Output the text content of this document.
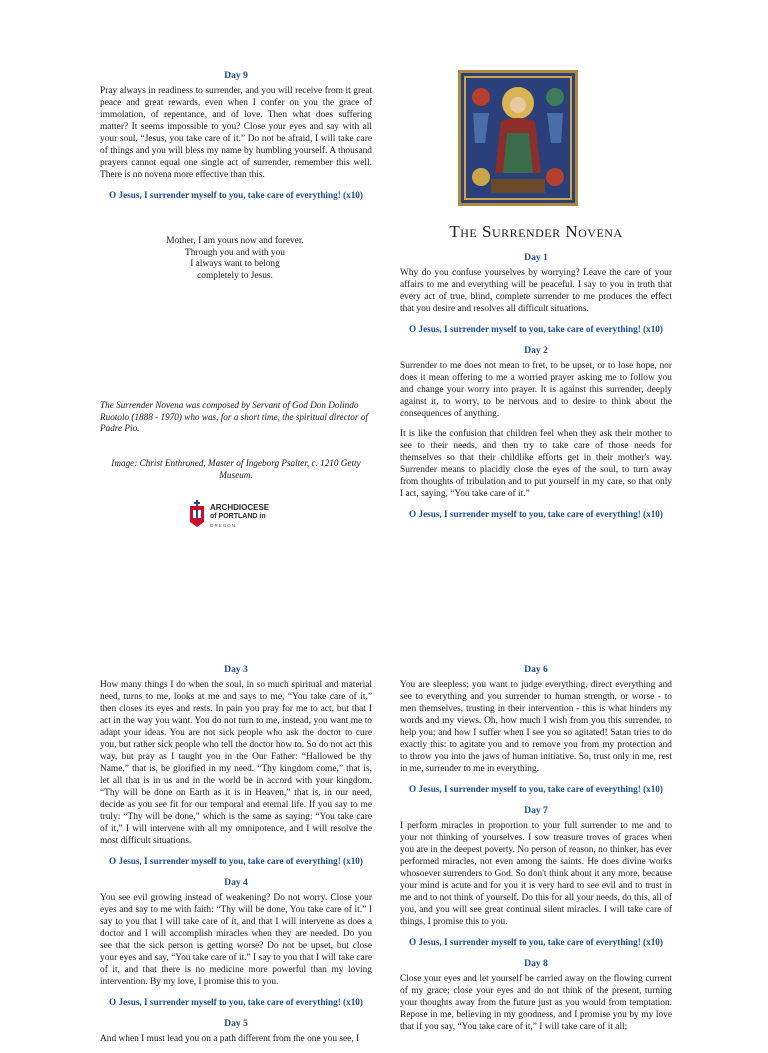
Day 9

Pray always in readiness to surrender, and you will receive from it great peace and great rewards, even when I confer on you the grace of immolation, of repentance, and of love. Then what does suffering matter? It seems impossible to you? Close your eyes and say with all your soul, “Jesus, you take care of it.” Do not be afraid, I will take care of things and you will bless my name by humbling yourself. A thousand prayers cannot equal one single act of surrender, remember this well. There is no novena more effective than this.

O Jesus, I surrender myself to you, take care of everything! (x10)
Mother, I am yours now and forever.
Through you and with you
I always want to belong
completely to Jesus.
The Surrender Novena was composed by Servant of God Don Dolindo Ruotolo (1888 - 1970) who was, for a short time, the spiritual director of Padre Pio.
Image: Christ Enthroned, Master of Ingeborg Psalter, c. 1210 Getty Museum.
ARCHDIOCESE
of PORTLAND in
OREGON
The Surrender Novena
Day 1

Why do you confuse yourselves by worrying? Leave the care of your affairs to me and everything will be peaceful. I say to you in truth that every act of true, blind, complete surrender to me produces the effect that you desire and resolves all difficult situations.

O Jesus, I surrender myself to you, take care of everything! (x10)
Day 2

Surrender to me does not mean to fret, to be upset, or to lose hope, nor does it mean offering to me a worried prayer asking me to follow you and change your worry into prayer. It is against this surrender, deeply against it, to worry, to be nervous and to desire to think about the consequences of anything.

It is like the confusion that children feel when they ask their mother to see to their needs, and then try to take care of those needs for themselves so that their childlike efforts get in their mother's way. Surrender means to placidly close the eyes of the soul, to turn away from thoughts of tribulation and to put yourself in my care, so that only I act, saying, “You take care of it.”

O Jesus, I surrender myself to you, take care of everything! (x10)
Day 3

How many things I do when the soul, in so much spiritual and material need, turns to me, looks at me and says to me, “You take care of it,” then closes its eyes and rests. In pain you pray for me to act, but that I act in the way you want. You do not turn to me, instead, you want me to adapt your ideas. You are not sick people who ask the doctor to cure you, but rather sick people who tell the doctor how to. So do not act this way, but pray as I taught you in the Our Father: “Hallowed be thy Name,” that is, be glorified in my need. “Thy kingdom come,” that is, let all that is in us and in the world be in accord with your kingdom. “Thy will be done on Earth as it is in Heaven,” that is, in our need, decide as you see fit for our temporal and eternal life. If you say to me truly: “Thy will be done,” which is the same as saying: “You take care of it,” I will intervene with all my omnipotence, and I will resolve the most difficult situations.

O Jesus, I surrender myself to you, take care of everything! (x10)
Day 4

You see evil growing instead of weakening? Do not worry. Close your eyes and say to me with faith: “Thy will be done, You take care of it.” I say to you that I will take care of it, and that I will intervene as does a doctor and I will accomplish miracles when they are needed. Do you see that the sick person is getting worse? Do not be upset, but close your eyes and say, “You take care of it.” I say to you that I will take care of it, and that there is no medicine more powerful than my loving intervention. By my love, I promise this to you.

O Jesus, I surrender myself to you, take care of everything! (x10)
Day 5

And when I must lead you on a path different from the one you see, I

Day 6

You are sleepless; you want to judge everything, direct everything and see to everything and you surrender to human strength, or worse - to men themselves, trusting in their intervention - this is what hinders my words and my views. Oh, how much I wish from you this surrender, to help you; and how I suffer when I see you so agitated! Satan tries to do exactly this: to agitate you and to remove you from my protection and to throw you into the jaws of human initiative. So, trust only in me, rest in me, surrender to me in everything.

O Jesus, I surrender myself to you, take care of everything! (x10)
Day 7

I perform miracles in proportion to your full surrender to me and to your not thinking of yourselves. I sow treasure troves of graces when you are in the deepest poverty. No person of reason, no thinker, has ever performed miracles, not even among the saints. He does divine works whosoever surrenders to God. So don't think about it any more, because your mind is acute and for you it is very hard to see evil and to trust in me and to not think of yourself. Do this for all your needs, do this, all of you, and you will see great continual silent miracles. I will take care of things, I promise this to you.

O Jesus, I surrender myself to you, take care of everything! (x10)
Day 8

Close your eyes and let yourself be carried away on the flowing current of my grace; close your eyes and do not think of the present, turning your thoughts away from the future just as you would from temptation. Repose in me, believing in my goodness, and I promise you by my love that if you say, “You take care of it,” I will take care of it all;
